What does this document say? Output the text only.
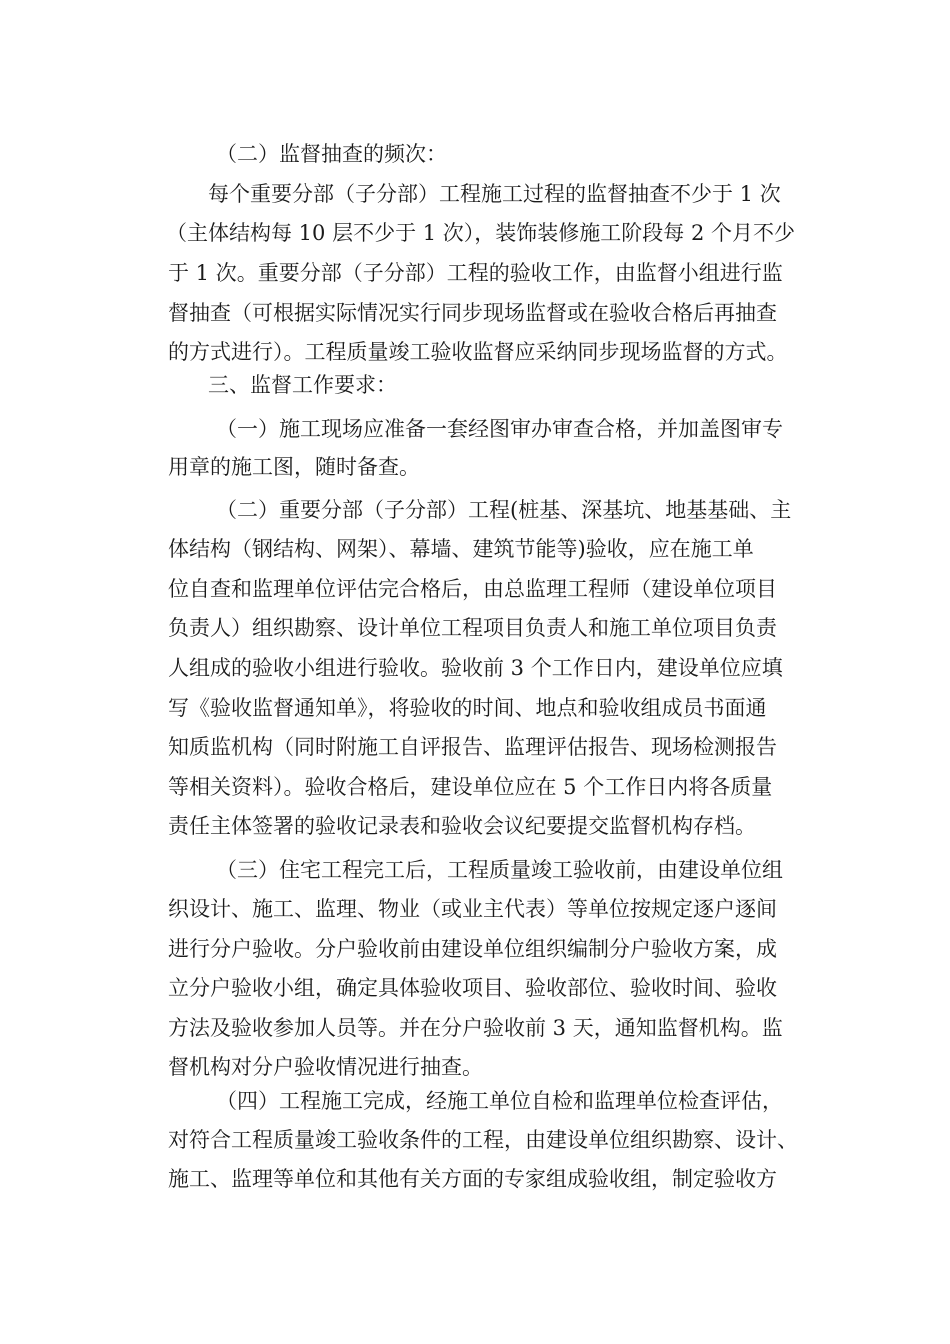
（二）监督抽查的频次：
每个重要分部（子分部）工程施工过程的监督抽查不少于 1 次
（主体结构每 10 层不少于 1 次），装饰装修施工阶段每 2 个月不少
于 1 次。重要分部（子分部）工程的验收工作，由监督小组进行监
督抽查（可根据实际情况实行同步现场监督或在验收合格后再抽查
的方式进行）。工程质量竣工验收监督应采纳同步现场监督的方式。
三、监督工作要求：
（一）施工现场应准备一套经图审办审查合格，并加盖图审专
用章的施工图，随时备查。
（二）重要分部（子分部）工程(桩基、深基坑、地基基础、主
体结构（钢结构、网架）、幕墙、建筑节能等)验收，应在施工单
位自查和监理单位评估完合格后，由总监理工程师（建设单位项目
负责人）组织勘察、设计单位工程项目负责人和施工单位项目负责
人组成的验收小组进行验收。验收前 3 个工作日内，建设单位应填
写《验收监督通知单》，将验收的时间、地点和验收组成员书面通
知质监机构（同时附施工自评报告、监理评估报告、现场检测报告
等相关资料）。验收合格后，建设单位应在 5 个工作日内将各质量
责任主体签署的验收记录表和验收会议纪要提交监督机构存档。
（三）住宅工程完工后，工程质量竣工验收前，由建设单位组
织设计、施工、监理、物业（或业主代表）等单位按规定逐户逐间
进行分户验收。分户验收前由建设单位组织编制分户验收方案，成
立分户验收小组，确定具体验收项目、验收部位、验收时间、验收
方法及验收参加人员等。并在分户验收前 3 天，通知监督机构。监
督机构对分户验收情况进行抽查。
（四）工程施工完成，经施工单位自检和监理单位检查评估，
对符合工程质量竣工验收条件的工程，由建设单位组织勘察、设计、
施工、监理等单位和其他有关方面的专家组成验收组，制定验收方
